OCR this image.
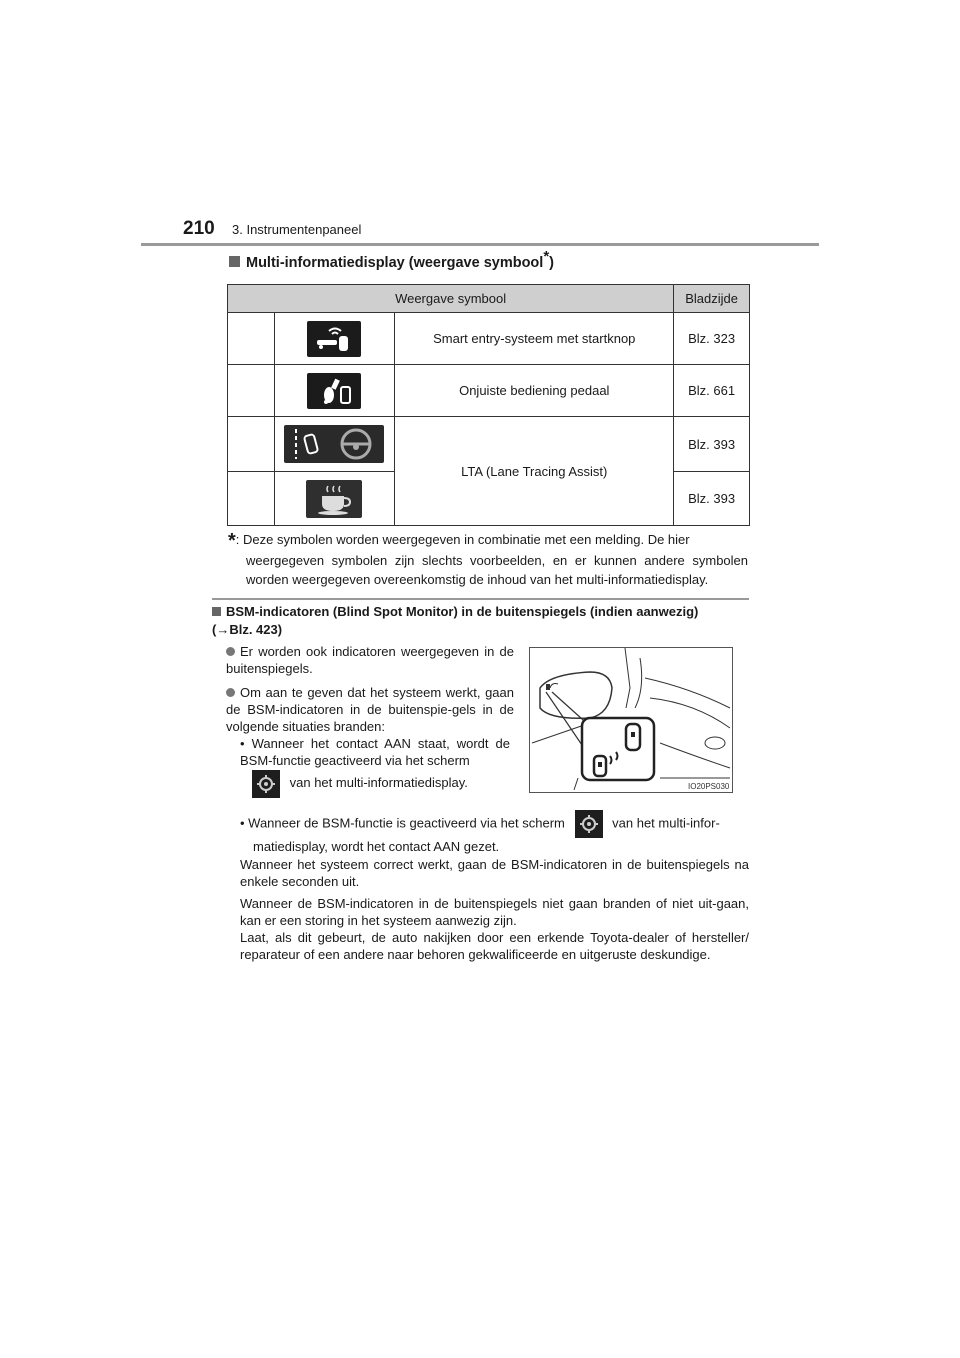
210 3. Instrumentenpaneel
Multi-informatiedisplay (weergave symbool*)
Weergave symbool			Bladzijde

	Smart entry-systeem met startknop	Blz. 323

	Onjuiste bediening pedaal	Blz. 661

	LTA (Lane Tracing Assist)	Blz. 393

	Blz. 393
*: Deze symbolen worden weergegeven in combinatie met een melding. De hier
weergegeven symbolen zijn slechts voorbeelden, en er kunnen andere symbolen worden weergegeven overeenkomstig de inhoud van het multi-informatiedisplay.
BSM-indicatoren (Blind Spot Monitor) in de buitenspiegels (indien aanwezig)
(→Blz. 423)
Er worden ook indicatoren weergegeven in de buitenspiegels.
Om aan te geven dat het systeem werkt, gaan de BSM-indicatoren in de buitenspie-gels in de volgende situaties branden:
• Wanneer het contact AAN staat, wordt de BSM-functie geactiveerd via het scherm
van het multi-informatiedisplay.	IO20PS030
• Wanneer de BSM-functie is geactiveerd via het scherm	van het multi-infor-
matiedisplay, wordt het contact AAN gezet.
Wanneer het systeem correct werkt, gaan de BSM-indicatoren in de buitenspiegels na enkele seconden uit.
Wanneer de BSM-indicatoren in de buitenspiegels niet gaan branden of niet uit-gaan, kan er een storing in het systeem aanwezig zijn.
Laat, als dit gebeurt, de auto nakijken door een erkende Toyota-dealer of hersteller/ reparateur of een andere naar behoren gekwalificeerde en uitgeruste deskundige.
